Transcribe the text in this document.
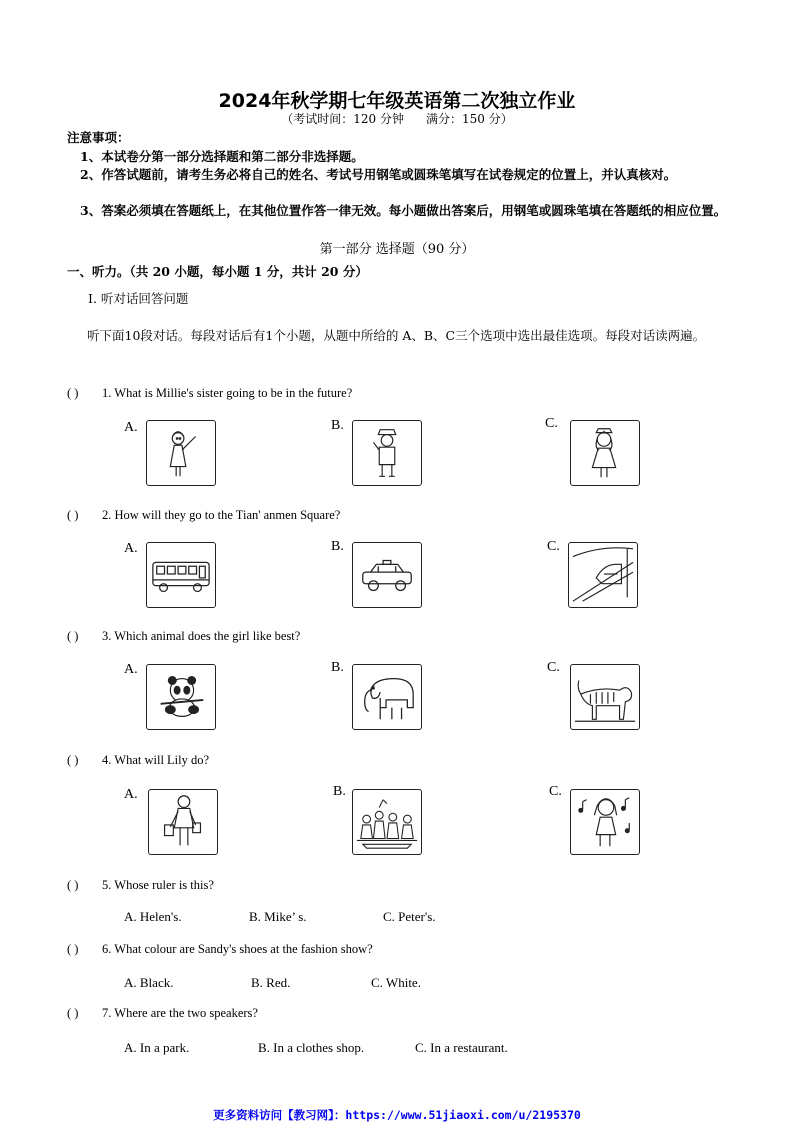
2024年秋学期七年级英语第二次独立作业
（考试时间：120 分钟 满分：150 分）
注意事项：
1、本试卷分第一部分选择题和第二部分非选择题。
2、作答试题前，请考生务必将自己的姓名、考试号用钢笔或圆珠笔填写在试卷规定的位置上，并认真核对。
3、答案必须填在答题纸上，在其他位置作答一律无效。每小题做出答案后，用钢笔或圆珠笔填在答题纸的相应位置。
第一部分 选择题（90 分）
一、听力。（共 20 小题，每小题 1 分，共计 20 分）
Ⅰ. 听对话回答问题
听下面10段对话。每段对话后有1个小题，从题中所给的 A、B、C三个选项中选出最佳选项。每段对话读两遍。
( ) 1. What is Millie's sister going to be in the future?
A.	B.	C.
( ) 2. How will they go to the Tian' anmen Square?
A.	B.	C.
( ) 3. Which animal does the girl like best?
A.	B.	C.
( ) 4. What will Lily do?
A.	B.	C.
( ) 5. Whose ruler is this?
A. Helen's.	B. Mike’ s.	C. Peter's.
( ) 6. What colour are Sandy's shoes at the fashion show?
A. Black.	B. Red.	C. White.
( ) 7. Where are the two speakers?
A. In a park.	B. In a clothes shop.	C. In a restaurant.
更多资料访问【教习网】：https://www.51jiaoxi.com/u/2195370
